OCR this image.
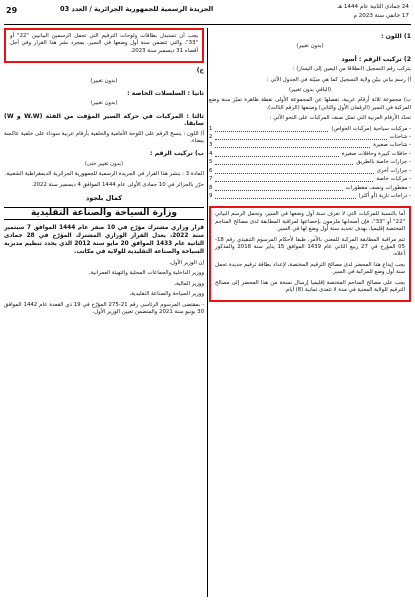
29	الجريدة الرسمية للجمهورية الجزائرية / العدد 03	24 جمادى الثانية عام 1444 هـ
17 جانفي سنة 2023 م

1) اللون :

(بدون تغيير)

2) تركيب الرقم : أسود

يتركب رقم التسجيل (انطلاقا من اليمين إلى اليسار) :

أ) رسم بياني يبيّن ولاية التسجيل كما هي مبيّنة في الجدول الآتي :

(الباقي بدون تغيير)

ب) مجموعة ثلاثة أرقام عربية، تفصلها عن المجموعة الأولى نقطة ظاهرة تميّز سنة وضع المركبة في السير (الرقمان الأول والثاني) وصنفها (الرقم الثالث).

تحدّد الأرقام العربية التي تمثل صنف المركبات على النحو الآتي :

- مركبات سياحية (مركبات الخواص)
1
- شاحنات
2
- شاحنات صغيرة
3
- حافلات كبيرة وحافلات صغيرة
4
- جرارات خاصة بالطريق
5
- جرارات أخرى
6
- مركبات خاصة
7
- مقطورات ونصف مقطورات
8
- دراجات نارية (أو أكثر)
9

أما بالنسبة للمركبات التي لا تعرف سنة أول وضعها في السير، وتحمل الرسم البياني "22" أو "33"، فإن أصحابها ملزمون بإخضاعها لمراقبة المطابقة لدى مصالح المناجم المختصة إقليميا، بهدف تحديد سنة أول وضع لها في السير.

تتم مراقبة المطابقة المركبة للمعني بالأمر، طبقا لأحكام المرسوم التنفيذي رقم 18-05 المؤرخ في 27 ربيع الثاني عام 1439 الموافق 15 يناير سنة 2018 والمذكور أعلاه.

يجب إيداع هذا المحضر لدى مصالح الترقيم المختصة، لإعداد بطاقة ترقيم جديدة تحمل سنة أول وضع للمركبة في السير.

يجب على مصالح المناجم المختصة إقليميا إرسال نسخة من هذا المحضر إلى مصالح الترقيم للولاية المعنية في مدة لا تتعدى ثمانية (8) أيام.

يجب أن تستبدل بطاقات ولوحات الترقيم التي تحمل الرسمين البيانيين "22" أو "33"، والتي تتضمن سنة أول وضعها في السير، بمجرد نشر هذا القرار وفي أجل أقصاه 31 ديسمبر سنة 2023.

ج)

(بدون تغيير)

ثانيا : السلسلات الخاصة :

(بدون تغيير)

ثالثا : المركبات في حركة السير المؤقت من الفئة (W.W و W) سابقا.

أ) اللون : ينسخ الرقم على اللوحة الأمامية والخلفية بأرقام عربية سوداء على خلفية عاكسة بيضاء.

ب) تركيب الرقم :

(بدون تغيير حتى)

المادة 3 : ينشر هذا القرار في الجريدة الرسمية للجمهورية الجزائرية الديمقراطية الشعبية.

حرّر بالجزائر في 10 جمادى الأولى عام 1444 الموافق 4 ديسمبر سنة 2022.

كمال بلجود
وزارة السياحة والصناعة التقليدية

قرار وزاري مشترك مؤرّخ في 10 صفر عام 1444 الموافق 7 سبتمبر سنة 2022، يعدل القرار الوزاري المشترك المؤرّخ في 28 جمادى الثانية عام 1433 الموافق 20 مايو سنة 2012 الذي يحدد تنظيم مديرية السياحة والصناعة التقليدية للولاية في مكاتب.

إن الوزير الأول،

ووزير الداخلية والجماعات المحلية والتهيئة العمرانية،

ووزير المالية،

ووزير السياحة والصناعة التقليدية،

- بمقتضى المرسوم الرئاسي رقم 21-275 المؤرّخ في 19 ذي القعدة عام 1442 الموافق 30 يونيو سنة 2021 والمتضمن تعيين الوزير الأول،
